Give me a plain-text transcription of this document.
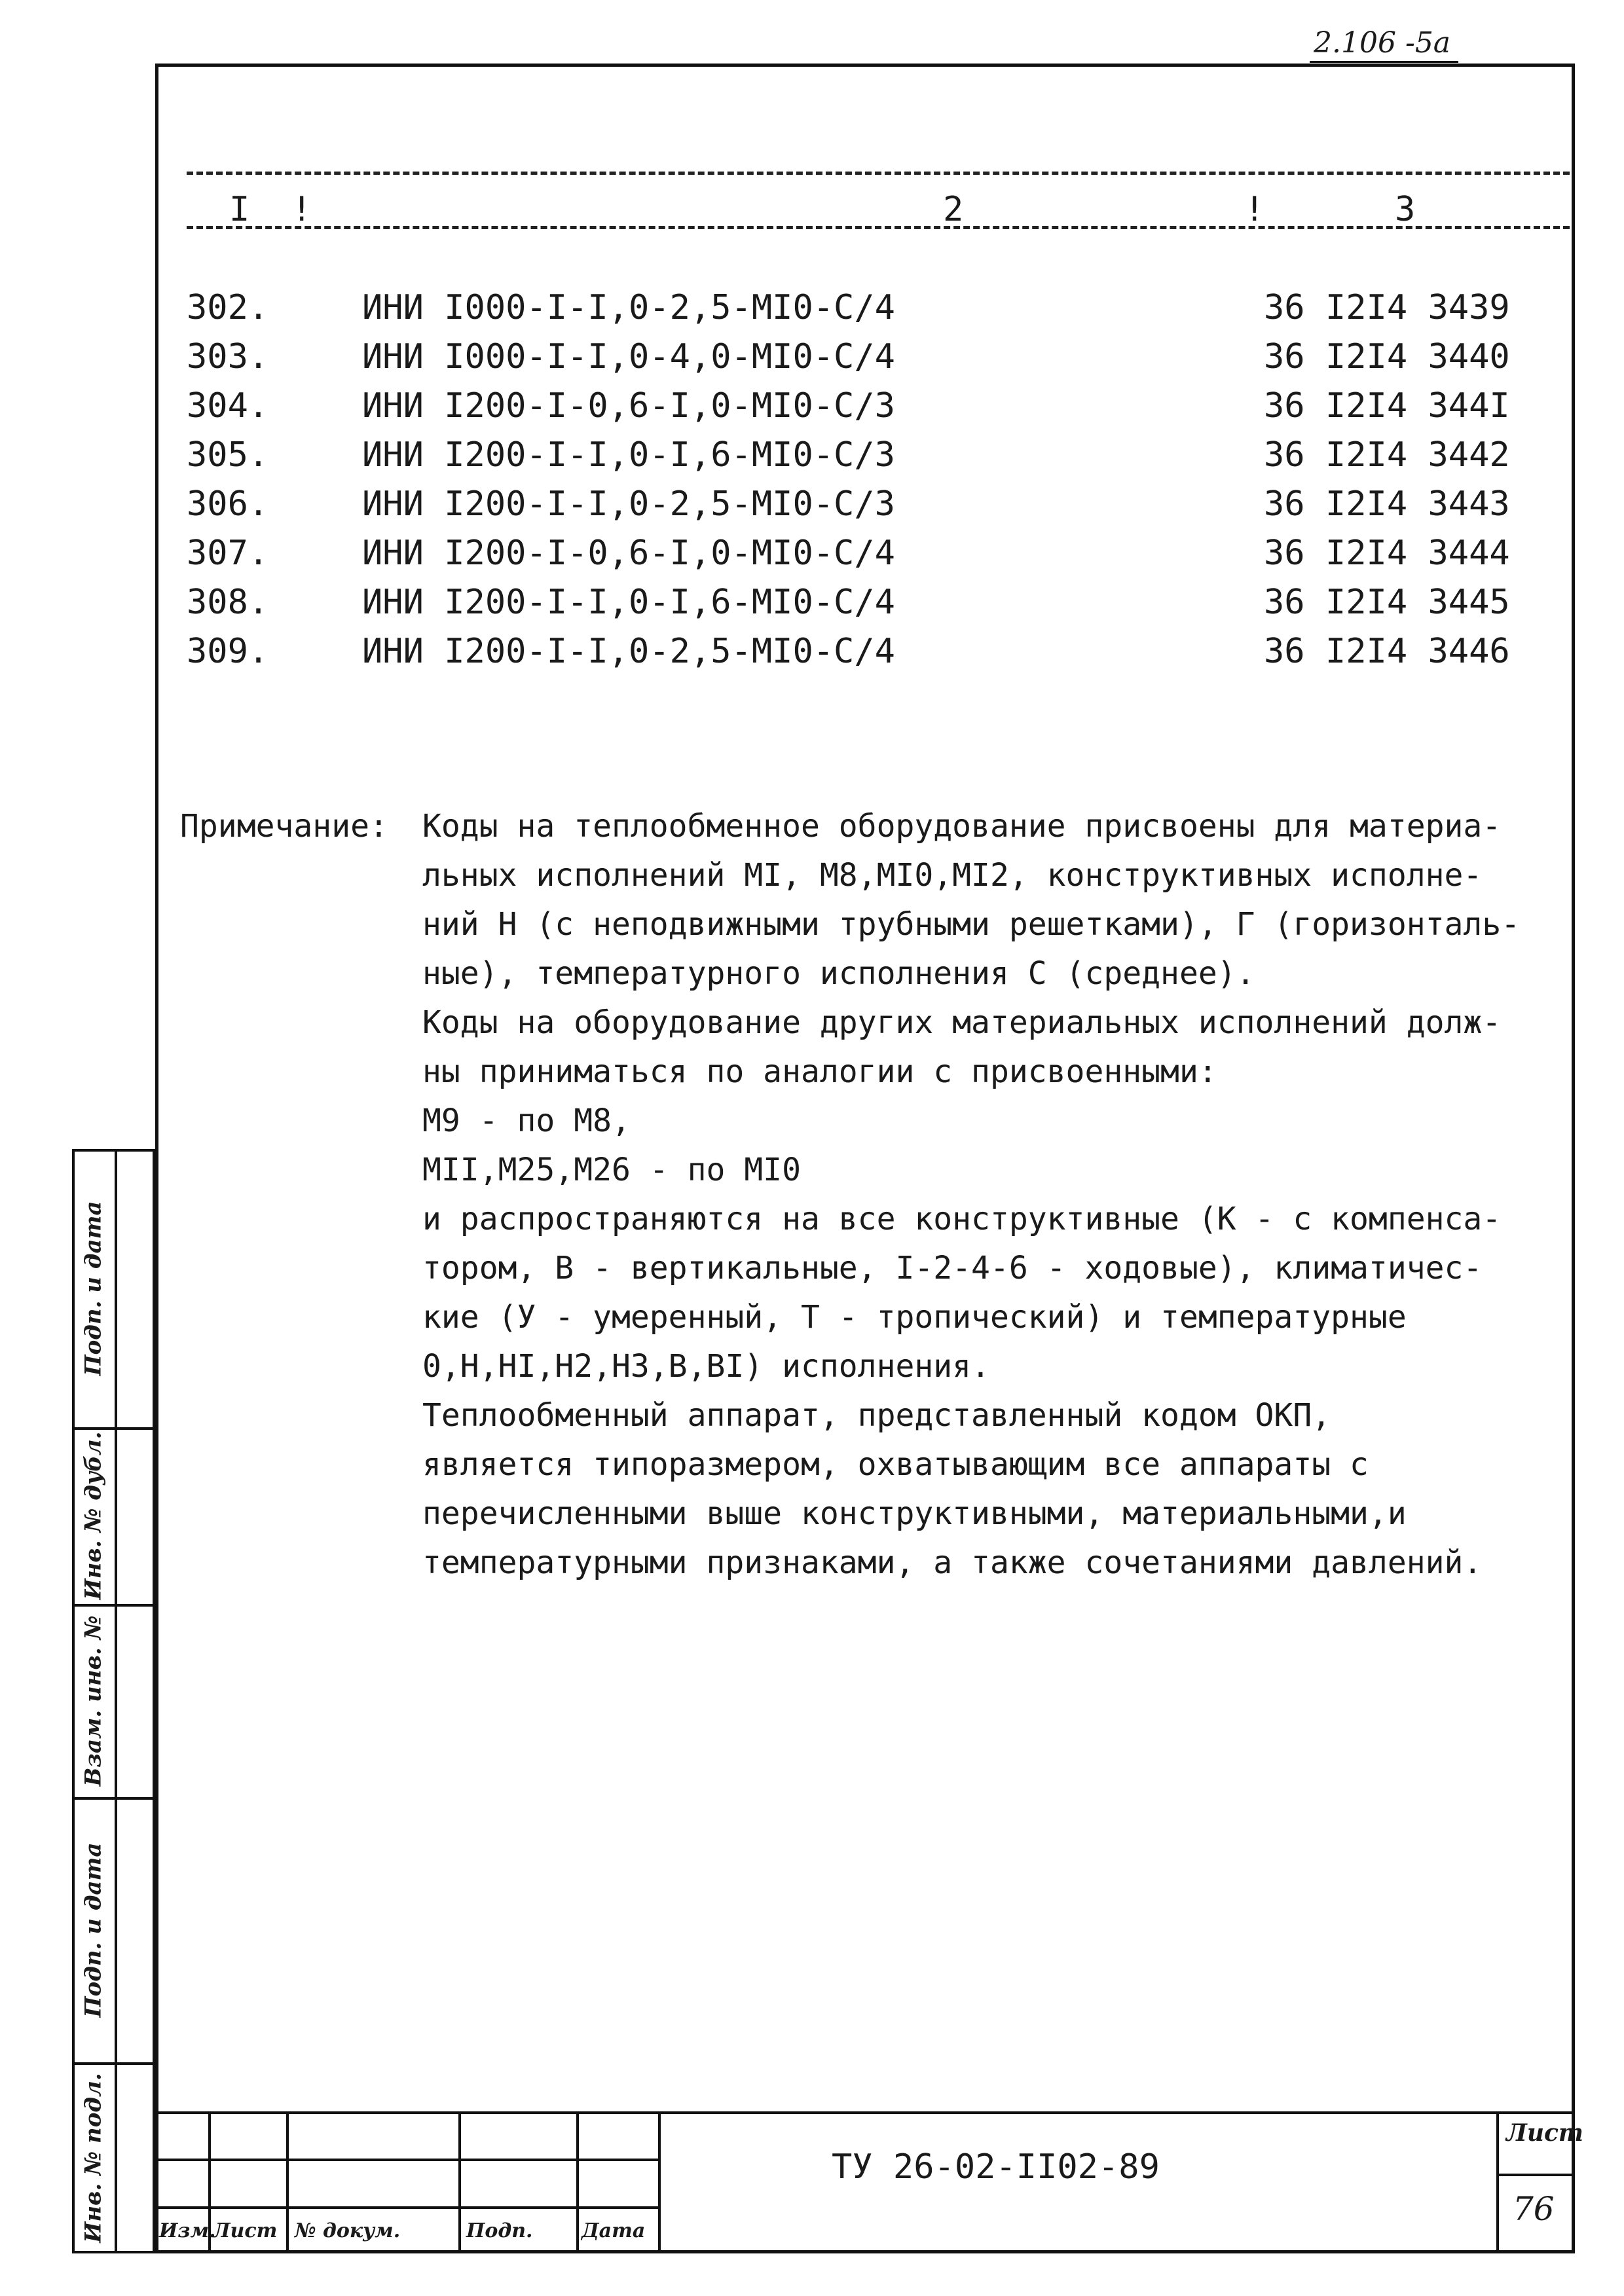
2.106 -5а
I !	2	!	3
302.	ИНИ I000-I-I,0-2,5-МI0-С/4	36 I2I4 3439
303.	ИНИ I000-I-I,0-4,0-МI0-С/4	36 I2I4 3440
304.	ИНИ I200-I-0,6-I,0-МI0-С/3	36 I2I4 344I
305.	ИНИ I200-I-I,0-I,6-МI0-С/3	36 I2I4 3442
306.	ИНИ I200-I-I,0-2,5-МI0-С/3	36 I2I4 3443
307.	ИНИ I200-I-0,6-I,0-МI0-С/4	36 I2I4 3444
308.	ИНИ I200-I-I,0-I,6-МI0-С/4	36 I2I4 3445
309.	ИНИ I200-I-I,0-2,5-МI0-С/4	36 I2I4 3446
Примечание: Коды на теплообменное оборудование присвоены для материа-
льных исполнений МI, М8,МI0,МI2, конструктивных исполне-
ний Н (с неподвижными трубными решетками), Г (горизонталь-
ные), температурного исполнения С (среднее).

Коды на оборудование других материальных исполнений долж-
ны приниматься по аналогии с присвоенными:
М9 - по М8,
МII,М25,М26 - по МI0
и распространяются на все конструктивные (К - с компенса-
тором, В - вертикальные, I-2-4-6 - ходовые), климатичес-
кие (У - умеренный, Т - тропический) и температурные
0,Н,НI,Н2,Н3,В,ВI) исполнения.

Теплообменный аппарат, представленный кодом ОКП,
является типоразмером, охватывающим все аппараты с
перечисленными выше конструктивными, материальными,и
температурными признаками, а также сочетаниями давлений.

Подп. и дата
Инв. № дубл.
Взам. инв. №
Подп. и дата
Инв. № подл.	Изм.
Лист № докум.	Подп. Дата
ТУ 26-02-II02-89
Лист
76
